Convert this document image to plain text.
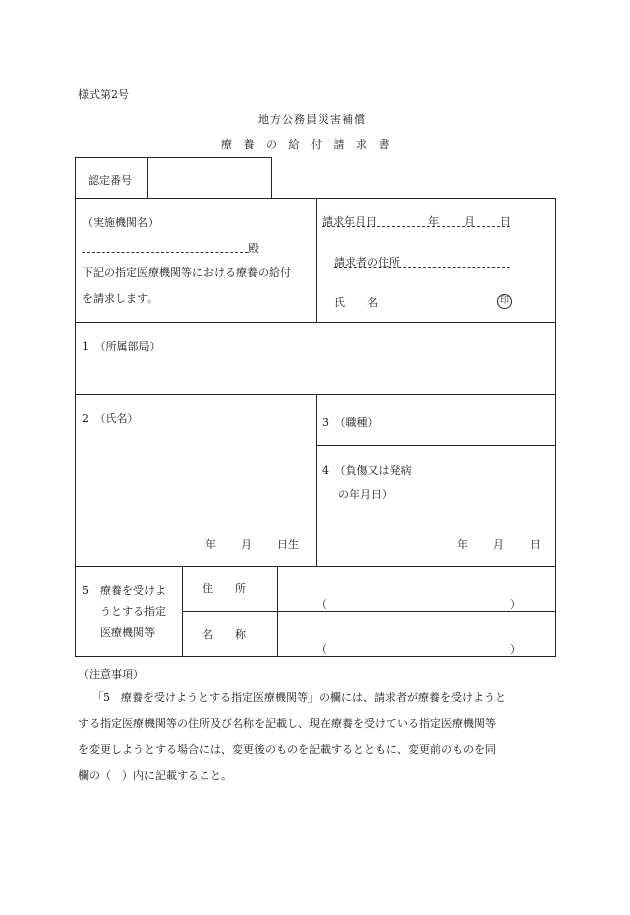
様式第2号
地方公務員災害補償
療 養 の 給 付 請 求 書
認定番号
（実施機関名）
殿
下記の指定医療機関等における療養の給付
を請求します。
請求年月日	年 月 日
請求者の住所
氏　　名	印
1　（所属部局）
2　（氏名）
年 月 日生
3　（職種）
4　（負傷又は発病
の年月日）
年 月 日
5　療養を受けよ
うとする指定
医療機関等
住　　所
（	）
名　　称
（	）
（注意事項）
「5　療養を受けようとする指定医療機関等」の欄には、請求者が療養を受けようと
する指定医療機関等の住所及び名称を記載し、現在療養を受けている指定医療機関等
を変更しようとする場合には、変更後のものを記載するとともに、変更前のものを同
欄の（　）内に記載すること。
